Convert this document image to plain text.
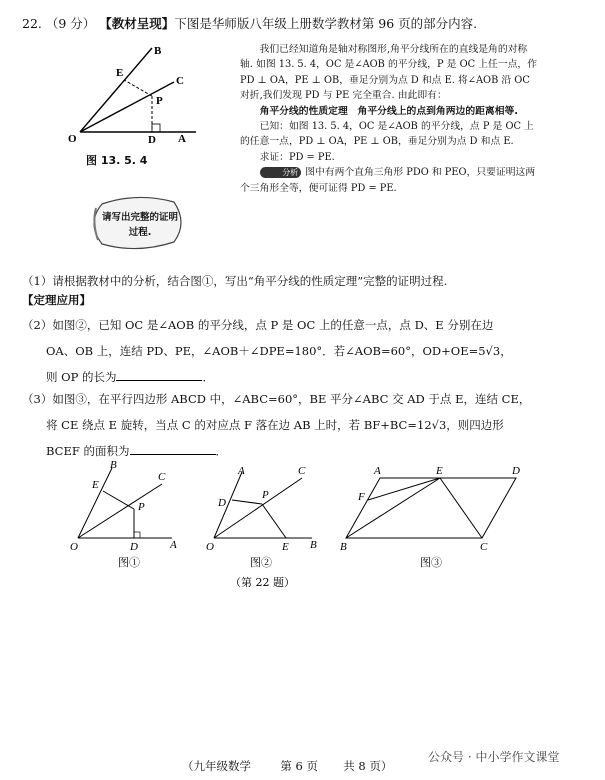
22. （9 分） 【教材呈现】下图是华师版八年级上册数学教材第 96 页的部分内容.
O	D A
E
B
C
P
图 13. 5. 4
请写出完整的证明过程.

我们已经知道角是轴对称图形,角平分线所在的直线是角的对称轴. 如图 13. 5. 4，OC 是∠AOB 的平分线，P 是 OC 上任一点，作 PD ⊥ OA，PE ⊥ OB，垂足分别为点 D 和点 E. 将∠AOB 沿 OC 对折,我们发现 PD 与 PE 完全重合. 由此即有：

角平分线的性质定理　角平分线上的点到角两边的距离相等.

已知：如图 13. 5. 4，OC 是∠AOB 的平分线，点 P 是 OC 上的任意一点，PD ⊥ OA，PE ⊥ OB，垂足分别为点 D 和点 E.

求证：PD = PE.

分析 图中有两个直角三角形 PDO 和 PEO，只要证明这两个三角形全等，便可证得 PD = PE.

（1）请根据教材中的分析，结合图①，写出“角平分线的性质定理”完整的证明过程.
【定理应用】
（2）如图②，已知 OC 是∠AOB 的平分线，点 P 是 OC 上的任意一点，点 D、E 分别在边
OA、OB 上，连结 PD、PE，∠AOB＋∠DPE=180°．若∠AOB=60°，OD+OE=5√3，
则 OP 的长为	．
（3）如图③，在平行四边形 ABCD 中，∠ABC=60°，BE 平分∠ABC 交 AD 于点 E，连结 CE，
将 CE 绕点 E 旋转，当点 C 的对应点 F 落在边 AB 上时，若 BF+BC=12√3，则四边形
BCEF 的面积为	．
O	D	A
E
C
P
B
图①
O	E B
A
D
P
C
图②
A	E	D
F
B	C
图③
（第 22 题）
（九年级数学	第 6 页 共 8 页）
公众号 · 中小学作文课堂
